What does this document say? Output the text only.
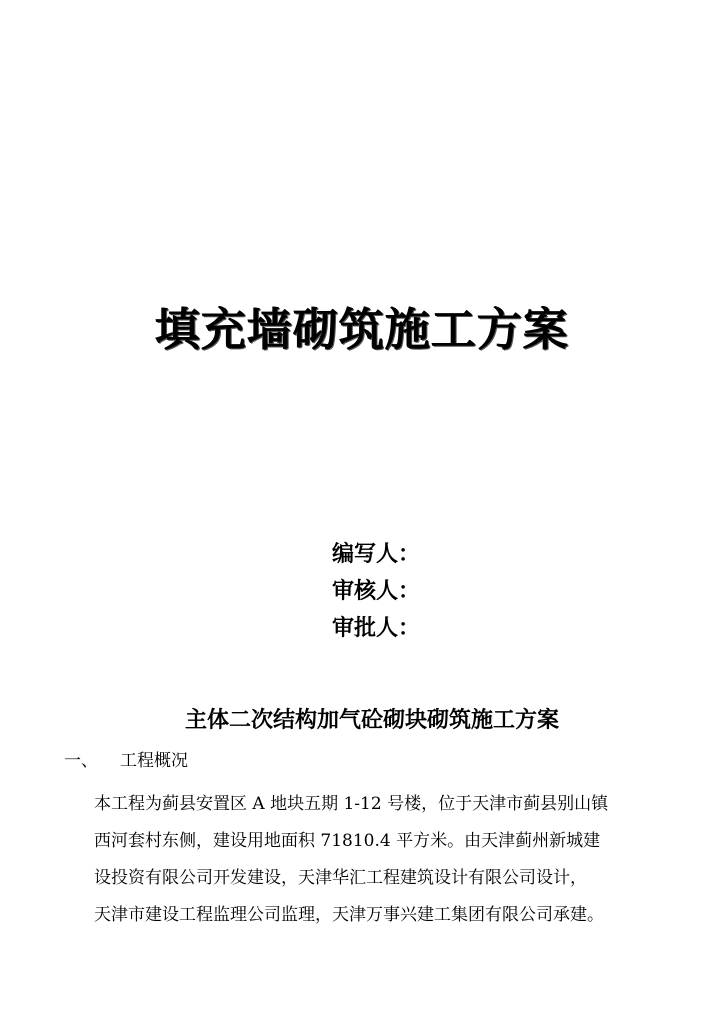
填充墙砌筑施工方案
编写人：
审核人：
审批人：
主体二次结构加气砼砌块砌筑施工方案
一、 工程概况
本工程为蓟县安置区 A 地块五期 1-12 号楼，位于天津市蓟县别山镇
西河套村东侧，建设用地面积 71810.4 平方米。由天津蓟州新城建
设投资有限公司开发建设，天津华汇工程建筑设计有限公司设计，
天津市建设工程监理公司监理，天津万事兴建工集团有限公司承建。
